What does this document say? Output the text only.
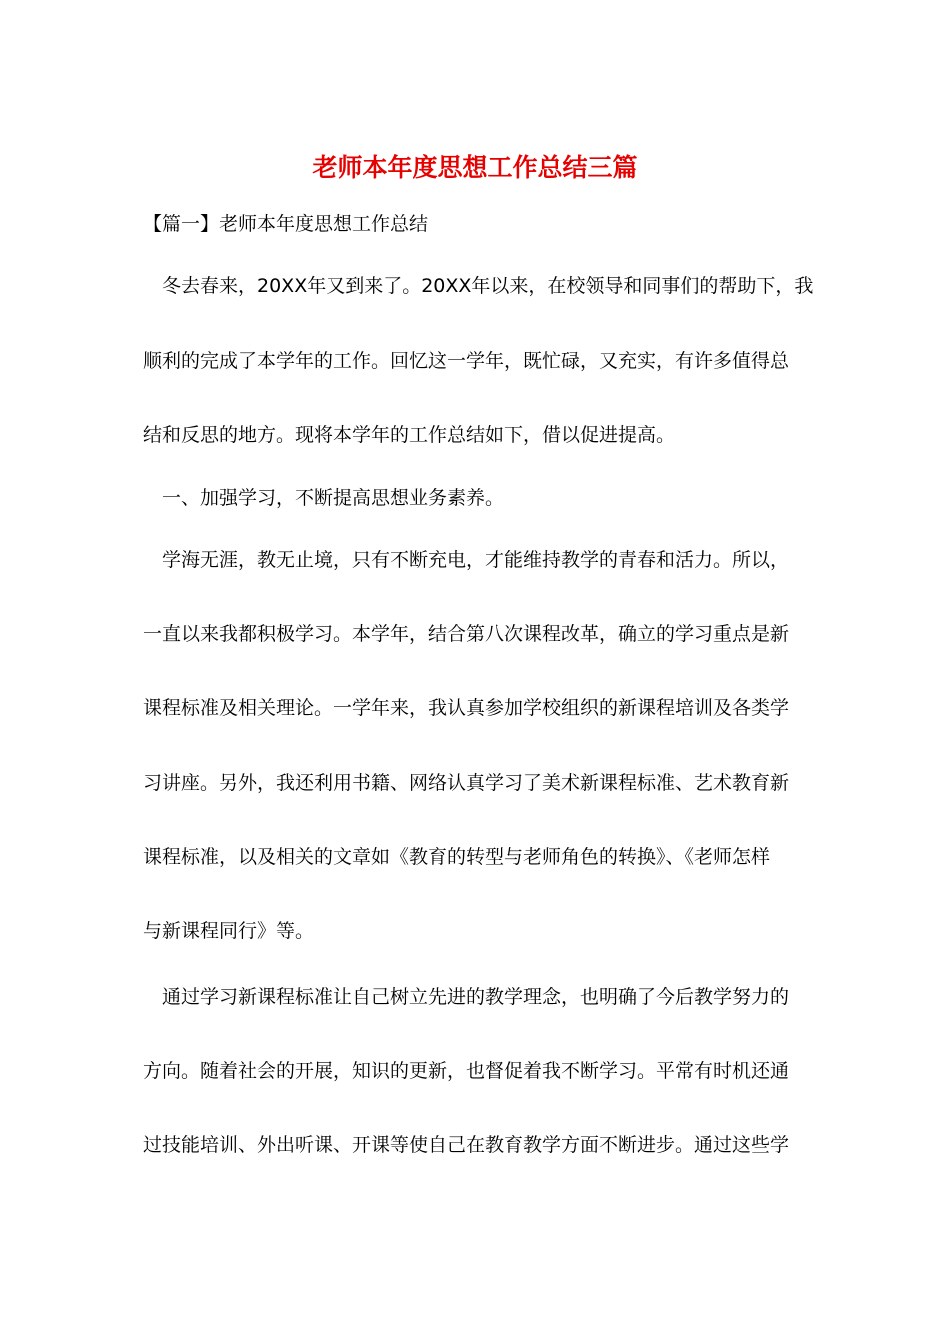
老师本年度思想工作总结三篇
【篇一】老师本年度思想工作总结
冬去春来，20XX年又到来了。20XX年以来，在校领导和同事们的帮助下，我
顺利的完成了本学年的工作。回忆这一学年，既忙碌，又充实，有许多值得总
结和反思的地方。现将本学年的工作总结如下，借以促进提高。
一、加强学习，不断提高思想业务素养。
学海无涯，教无止境，只有不断充电，才能维持教学的青春和活力。所以，
一直以来我都积极学习。本学年，结合第八次课程改革，确立的学习重点是新
课程标准及相关理论。一学年来，我认真参加学校组织的新课程培训及各类学
习讲座。另外，我还利用书籍、网络认真学习了美术新课程标准、艺术教育新
课程标准，以及相关的文章如《教育的转型与老师角色的转换》、《老师怎样
与新课程同行》等。
通过学习新课程标准让自己树立先进的教学理念，也明确了今后教学努力的
方向。随着社会的开展，知识的更新，也督促着我不断学习。平常有时机还通
过技能培训、外出听课、开课等使自己在教育教学方面不断进步。通过这些学
